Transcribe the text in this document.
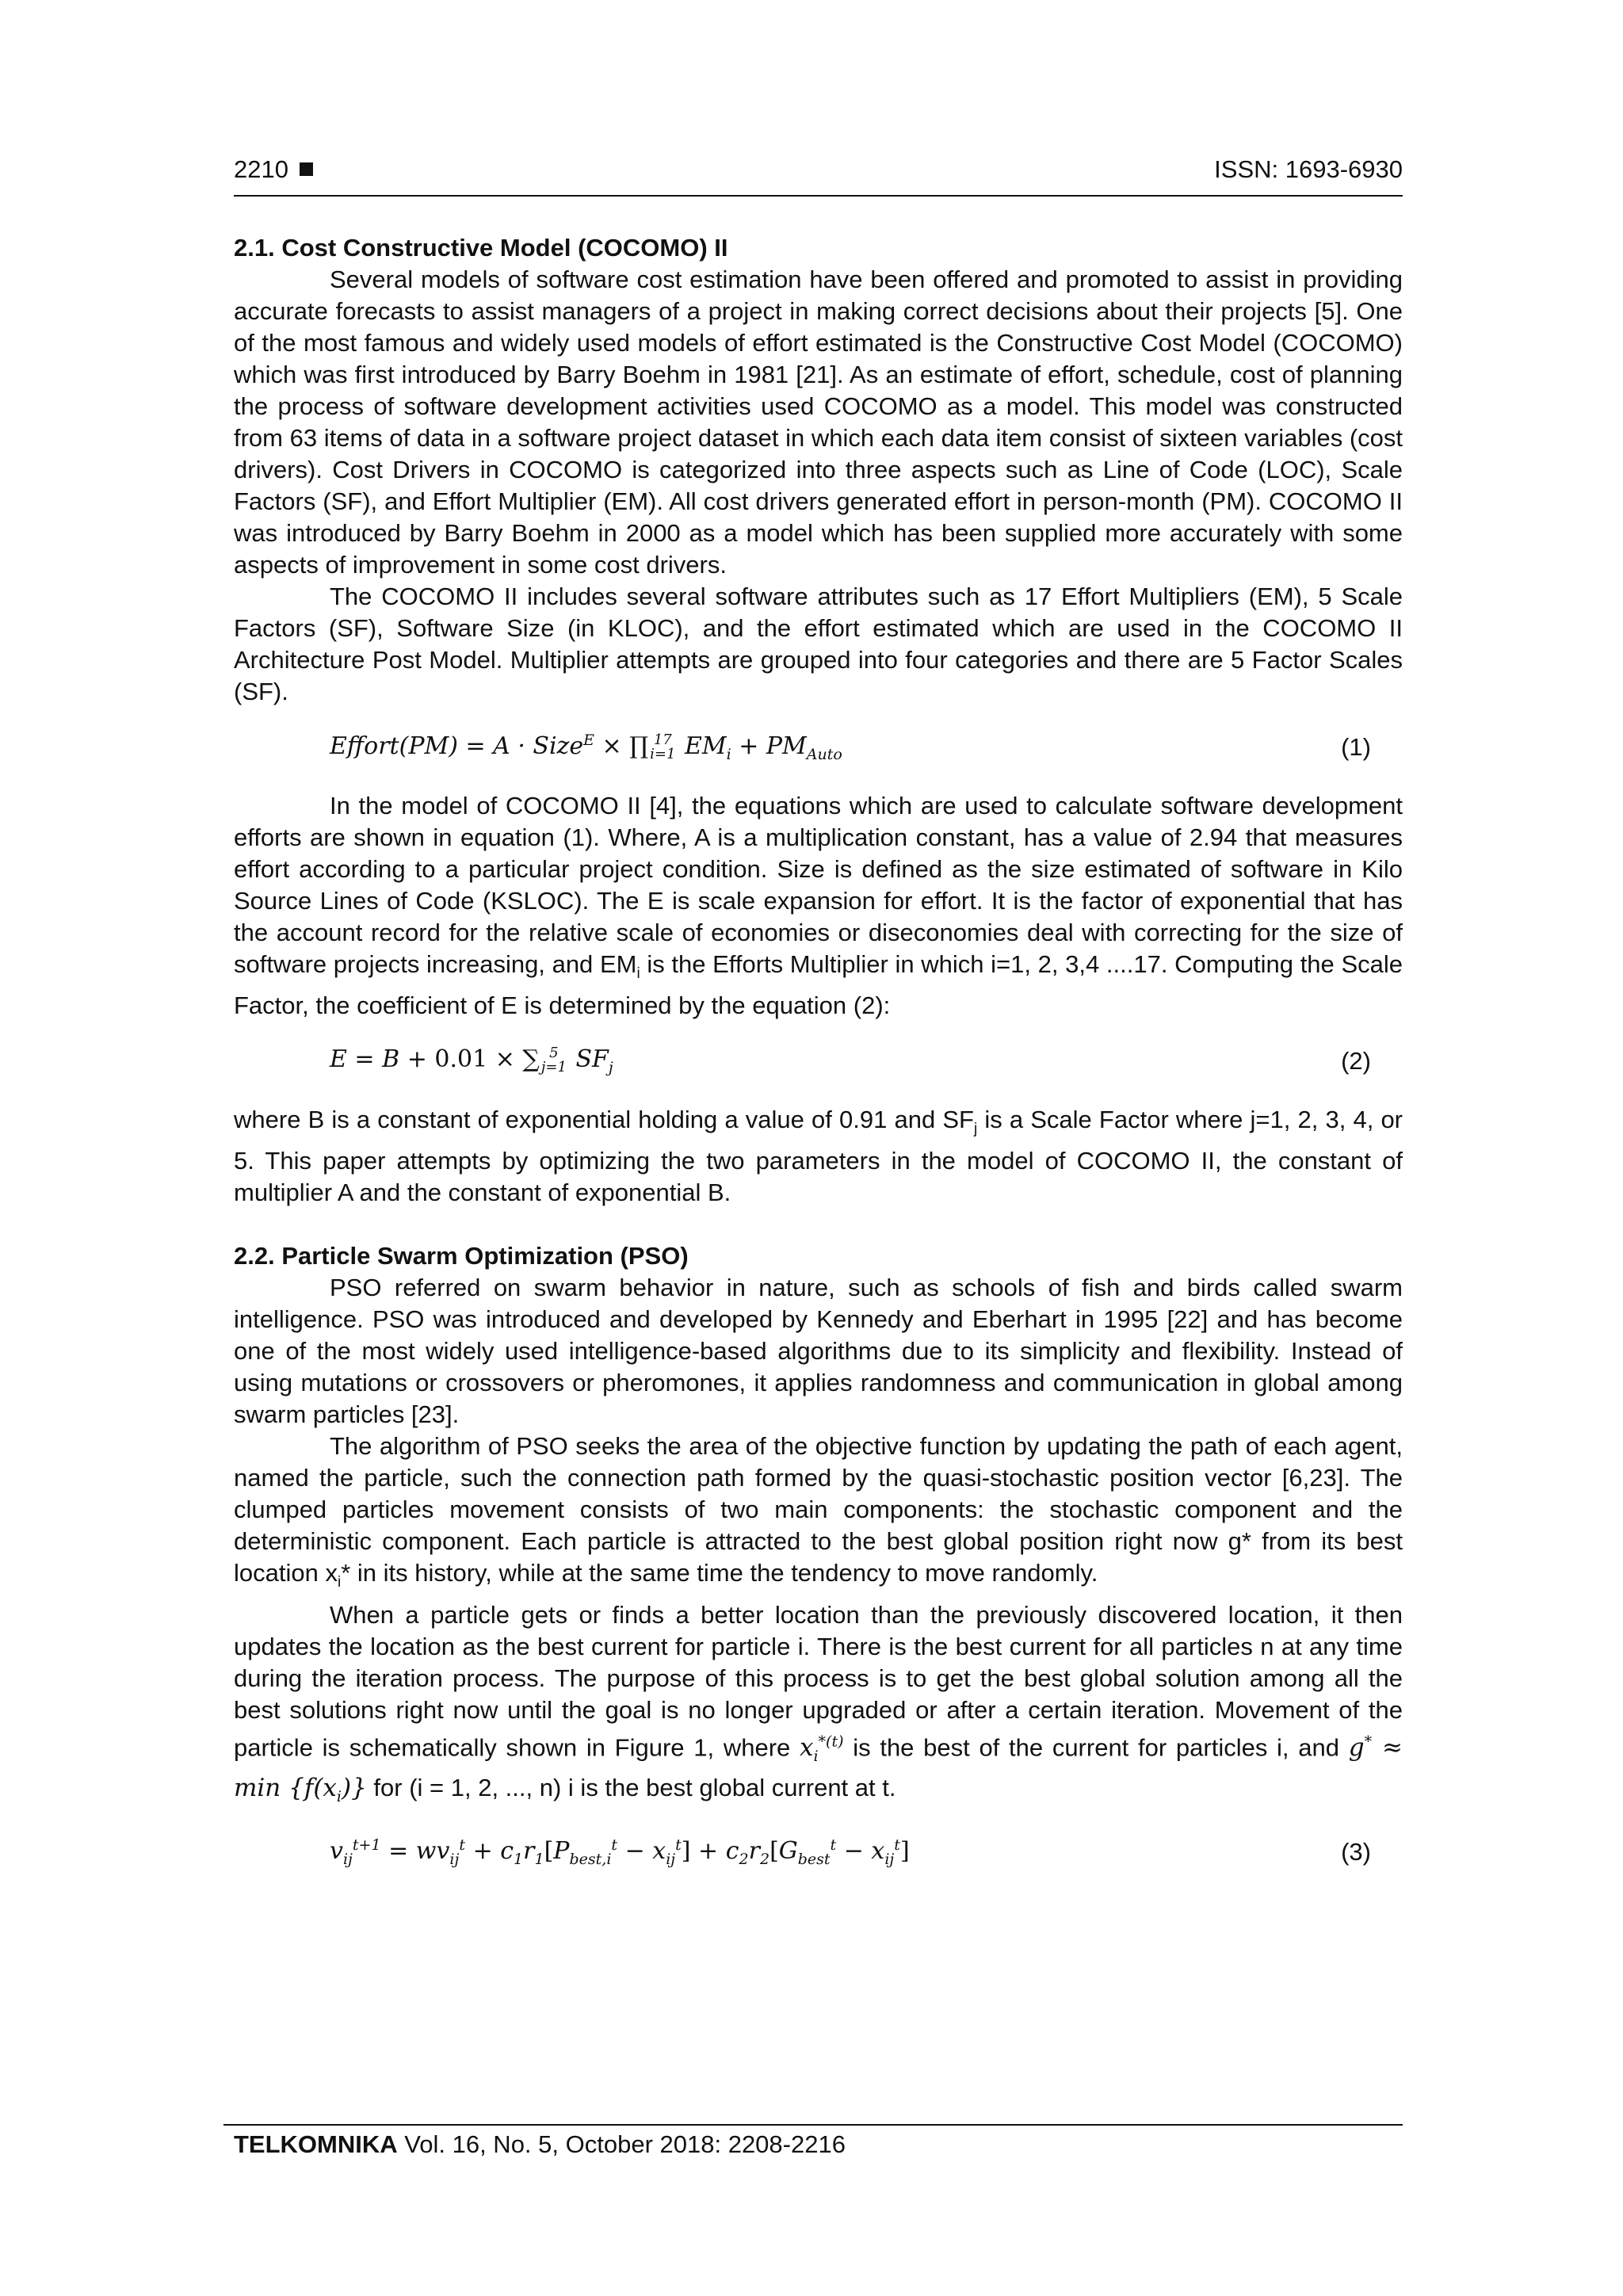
2210	ISSN: 1693-6930
2.1. Cost Constructive Model (COCOMO) II

Several models of software cost estimation have been offered and promoted to assist in providing accurate forecasts to assist managers of a project in making correct decisions about their projects [5]. One of the most famous and widely used models of effort estimated is the Constructive Cost Model (COCOMO) which was first introduced by Barry Boehm in 1981 [21]. As an estimate of effort, schedule, cost of planning the process of software development activities used COCOMO as a model. This model was constructed from 63 items of data in a software project dataset in which each data item consist of sixteen variables (cost drivers). Cost Drivers in COCOMO is categorized into three aspects such as Line of Code (LOC), Scale Factors (SF), and Effort Multiplier (EM). All cost drivers generated effort in person-month (PM). COCOMO II was introduced by Barry Boehm in 2000 as a model which has been supplied more accurately with some aspects of improvement in some cost drivers.

The COCOMO II includes several software attributes such as 17 Effort Multipliers (EM), 5 Scale Factors (SF), Software Size (in KLOC), and the effort estimated which are used in the COCOMO II Architecture Post Model. Multiplier attempts are grouped into four categories and there are 5 Factor Scales (SF).

Effort(PM) = A · Size$^E$ × ∏ 17
i=1 $EM_i + PM_{Auto}$	(1)

In the model of COCOMO II [4], the equations which are used to calculate software development efforts are shown in equation (1). Where, A is a multiplication constant, has a value of 2.94 that measures effort according to a particular project condition. Size is defined as the size estimated of software in Kilo Source Lines of Code (KSLOC). The E is scale expansion for effort. It is the factor of exponential that has the account record for the relative scale of economies or diseconomies deal with correcting for the size of software projects increasing, and $EM_i$ is the Efforts Multiplier in which i=1, 2, 3,4 ....17. Computing the Scale Factor, the coefficient of E is determined by the equation (2):

E = B + 0.01 × ∑ 5
j=1 $SF_j$	(2)

where B is a constant of exponential holding a value of 0.91 and $SF_j$ is a Scale Factor where j=1, 2, 3, 4, or 5. This paper attempts by optimizing the two parameters in the model of COCOMO II, the constant of multiplier A and the constant of exponential B.

2.2. Particle Swarm Optimization (PSO)

PSO referred on swarm behavior in nature, such as schools of fish and birds called swarm intelligence. PSO was introduced and developed by Kennedy and Eberhart in 1995 [22] and has become one of the most widely used intelligence-based algorithms due to its simplicity and flexibility. Instead of using mutations or crossovers or pheromones, it applies randomness and communication in global among swarm particles [23].

The algorithm of PSO seeks the area of the objective function by updating the path of each agent, named the particle, such the connection path formed by the quasi-stochastic position vector [6,23]. The clumped particles movement consists of two main components: the stochastic component and the deterministic component. Each particle is attracted to the best global position right now g* from its best location $x_i*$ in its history, while at the same time the tendency to move randomly.

When a particle gets or finds a better location than the previously discovered location, it then updates the location as the best current for particle i. There is the best current for all particles n at any time during the iteration process. The purpose of this process is to get the best global solution among all the best solutions right now until the goal is no longer upgraded or after a certain iteration. Movement of the particle is schematically shown in Figure 1, where $x_i^{*(t)}$ is the best of the current for particles i, and $g^* \approx \min \{f(x_i)\}$ for (i = 1, 2, ..., n) i is the best global current at t.

$v_{ij}^{t+1} = wv_{ij}^t + c_1r_1[P_{best,i}^t - x_{ij}^t] + c_2r_2[G_{best}^t - x_{ij}^t]$	(3)
TELKOMNIKA Vol. 16, No. 5, October 2018: 2208-2216
